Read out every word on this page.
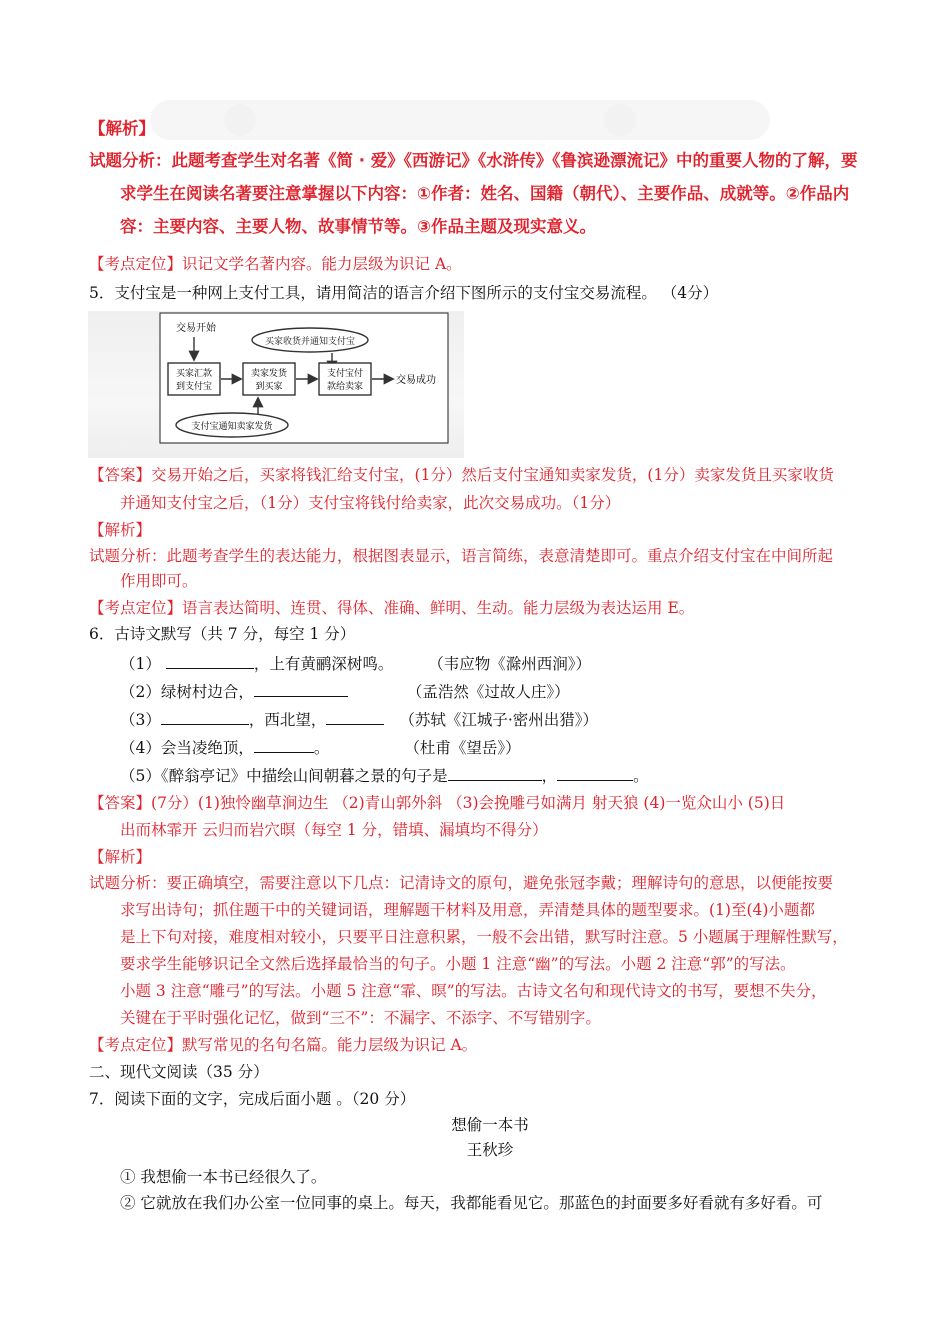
【解析】
试题分析：此题考查学生对名著《简 · 爱》《西游记》《水浒传》《鲁滨逊漂流记》中的重要人物的了解，要
求学生在阅读名著要注意掌握以下内容：①作者：姓名、国籍（朝代）、主要作品、成就等。②作品内
容：主要内容、主要人物、故事情节等。③作品主题及现实意义。
【考点定位】识记文学名著内容。能力层级为识记 A。
5．支付宝是一种网上支付工具，请用简洁的语言介绍下图所示的支付宝交易流程。 （4分）
交易开始
买家收货并通知支付宝
买家汇款
到支付宝
卖家发货
到买家
支付宝付
款给卖家
交易成功
支付宝通知卖家发货
【答案】交易开始之后，买家将钱汇给支付宝，(1分）然后支付宝通知卖家发货，(1分）卖家发货且买家收货
并通知支付宝之后，（1分）支付宝将钱付给卖家，此次交易成功。（1分）
【解析】
试题分析：此题考查学生的表达能力，根据图表显示，语言简练，表意清楚即可。重点介绍支付宝在中间所起
作用即可。
【考点定位】语言表达简明、连贯、得体、准确、鲜明、生动。能力层级为表达运用 E。
6．古诗文默写（共 7 分，每空 1 分）
（1）	，上有黄鹂深树鸣。 （韦应物《滁州西涧》）
（2）绿树村边合，	（孟浩然《过故人庄》）
（3）	，西北望，	（苏轼《江城子·密州出猎》）
（4）会当凌绝顶，	。	（杜甫《望岳》）
（5）《醉翁亭记》中描绘山间朝暮之景的句子是	，	。
【答案】(7分）(1)独怜幽草涧边生 （2)青山郭外斜 （3)会挽雕弓如满月 射天狼 (4)一览众山小 (5)日
出而林霏开 云归而岩穴暝（每空 1 分，错填、漏填均不得分）
【解析】
试题分析：要正确填空，需要注意以下几点：记清诗文的原句，避免张冠李戴；理解诗句的意思，以便能按要
求写出诗句；抓住题干中的关键词语，理解题干材料及用意，弄清楚具体的题型要求。(1)至(4)小题都
是上下句对接，难度相对较小，只要平日注意积累，一般不会出错，默写时注意。5 小题属于理解性默写，
要求学生能够识记全文然后选择最恰当的句子。小题 1 注意“幽”的写法。小题 2 注意“郭”的写法。
小题 3 注意“雕弓”的写法。小题 5 注意“霏、暝”的写法。古诗文名句和现代诗文的书写，要想不失分，
关键在于平时强化记忆，做到“三不”：不漏字、不添字、不写错别字。
【考点定位】默写常见的名句名篇。能力层级为识记 A。
二、现代文阅读（35 分）
7．阅读下面的文字，完成后面小题 。（20 分）
想偷一本书
王秋珍
① 我想偷一本书已经很久了。
② 它就放在我们办公室一位同事的桌上。每天，我都能看见它。那蓝色的封面要多好看就有多好看。可
